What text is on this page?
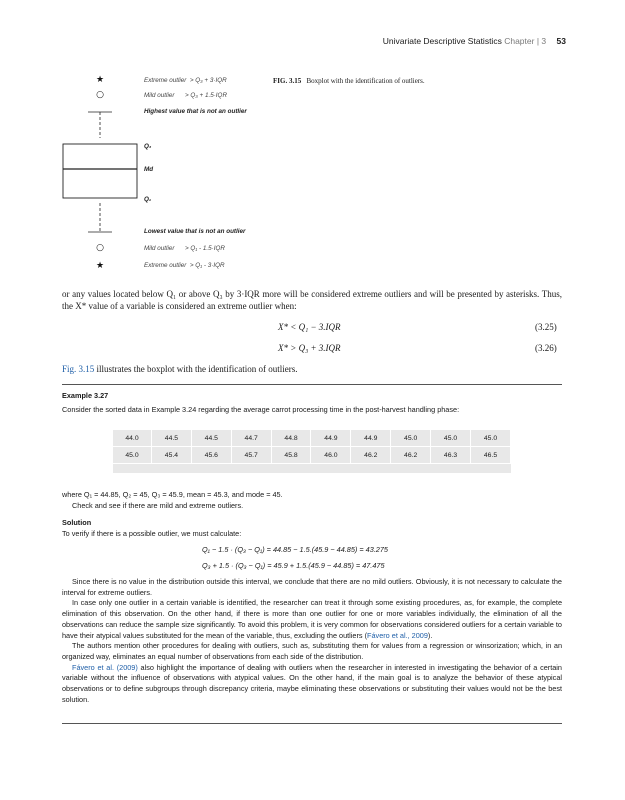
Univariate Descriptive Statistics Chapter | 3 53
FIG. 3.15 Boxplot with the identification of outliers.
★
○
○
★
Extreme outlier > Q₃ + 3·IQR
Mild outlier > Q₃ + 1.5·IQR
Highest value that is not an outlier
Q₃
Md
Q₁
Lowest value that is not an outlier
Mild outlier > Q₁ - 1.5·IQR
Extreme outlier > Q₁ - 3·IQR
or any values located below Q₁ or above Q₃ by 3·IQR more will be considered extreme outliers and will be presented by asterisks. Thus, the X* value of a variable is considered an extreme outlier when:
X* < Q₁ − 3.IQR	(3.25)
X* > Q₃ + 3.IQR	(3.26)
Fig. 3.15 illustrates the boxplot with the identification of outliers.

Example 3.27

Consider the sorted data in Example 3.24 regarding the average carrot processing time in the post-harvest handling phase:

44.0	44.5	44.5	44.7	44.8	44.9	44.9	45.0	45.0	45.0
45.0	45.4	45.6	45.7	45.8	46.0	46.2	46.2	46.3	46.5

where Q₁ = 44.85, Q₂ = 45, Q₃ = 45.9, mean = 45.3, and mode = 45.

Check and see if there are mild and extreme outliers.

Solution

To verify if there is a possible outlier, we must calculate:

Q₁ − 1.5 · (Q₃ − Q₁) = 44.85 − 1.5.(45.9 − 44.85) = 43.275
Q₃ + 1.5 · (Q₃ − Q₁) = 45.9 + 1.5.(45.9 − 44.85) = 47.475

Since there is no value in the distribution outside this interval, we conclude that there are no mild outliers. Obviously, it is not necessary to calculate the interval for extreme outliers.

In case only one outlier in a certain variable is identified, the researcher can treat it through some existing procedures, as, for example, the complete elimination of this observation. On the other hand, if there is more than one outlier for one or more variables individually, the elimination of all the observations can reduce the sample size significantly. To avoid this problem, it is very common for observations considered outliers for a certain variable to have their atypical values substituted for the mean of the variable, thus, excluding the outliers (Fávero et al., 2009).

The authors mention other procedures for dealing with outliers, such as, substituting them for values from a regression or winsorization; which, in an organized way, eliminates an equal number of observations from each side of the distribution.

Fávero et al. (2009) also highlight the importance of dealing with outliers when the researcher in interested in investigating the behavior of a certain variable without the influence of observations with atypical values. On the other hand, if the main goal is to analyze the behavior of these atypical observations or to define subgroups through discrepancy criteria, maybe eliminating these observations or substituting their values would not be the best solution.
